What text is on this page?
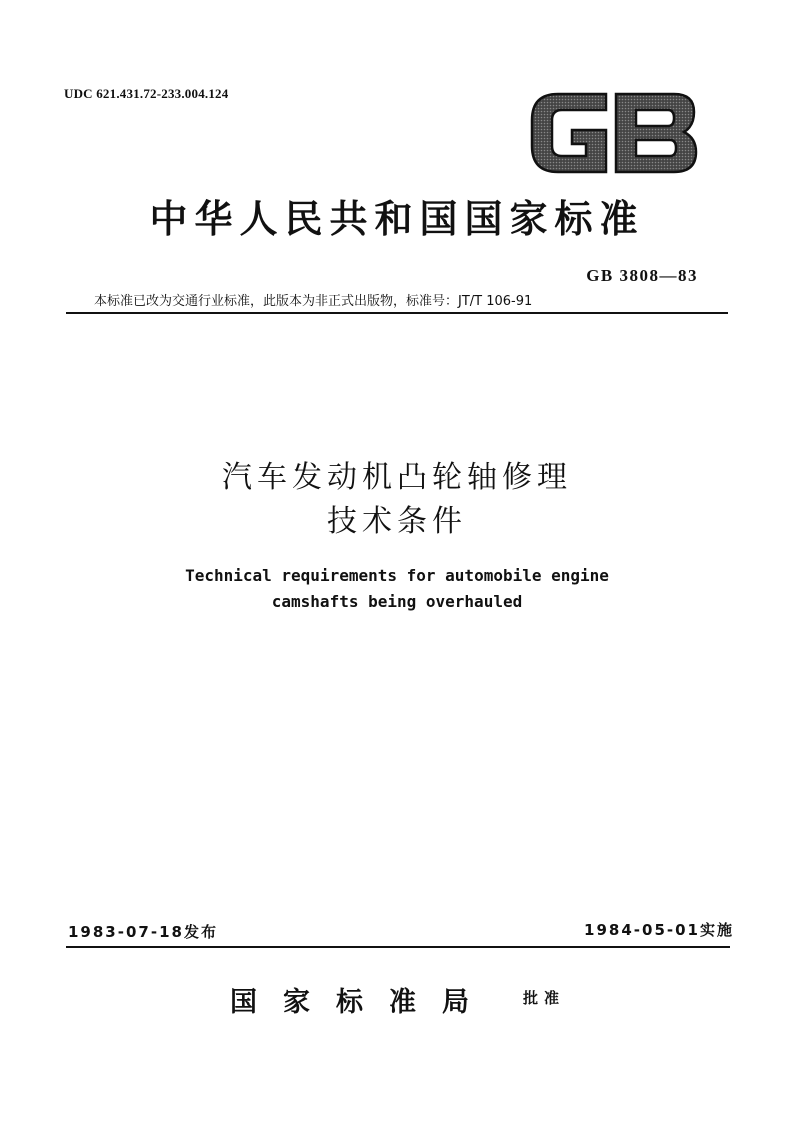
UDC 621.431.72-233.004.124
中华人民共和国国家标准
GB 3808—83
本标准已改为交通行业标准，此版本为非正式出版物，标准号：JT/T 106-91
汽车发动机凸轮轴修理
技术条件
Technical requirements for automobile engine
camshafts being overhauled
1983-07-18发布	1984-05-01实施
国家标准局 批准
